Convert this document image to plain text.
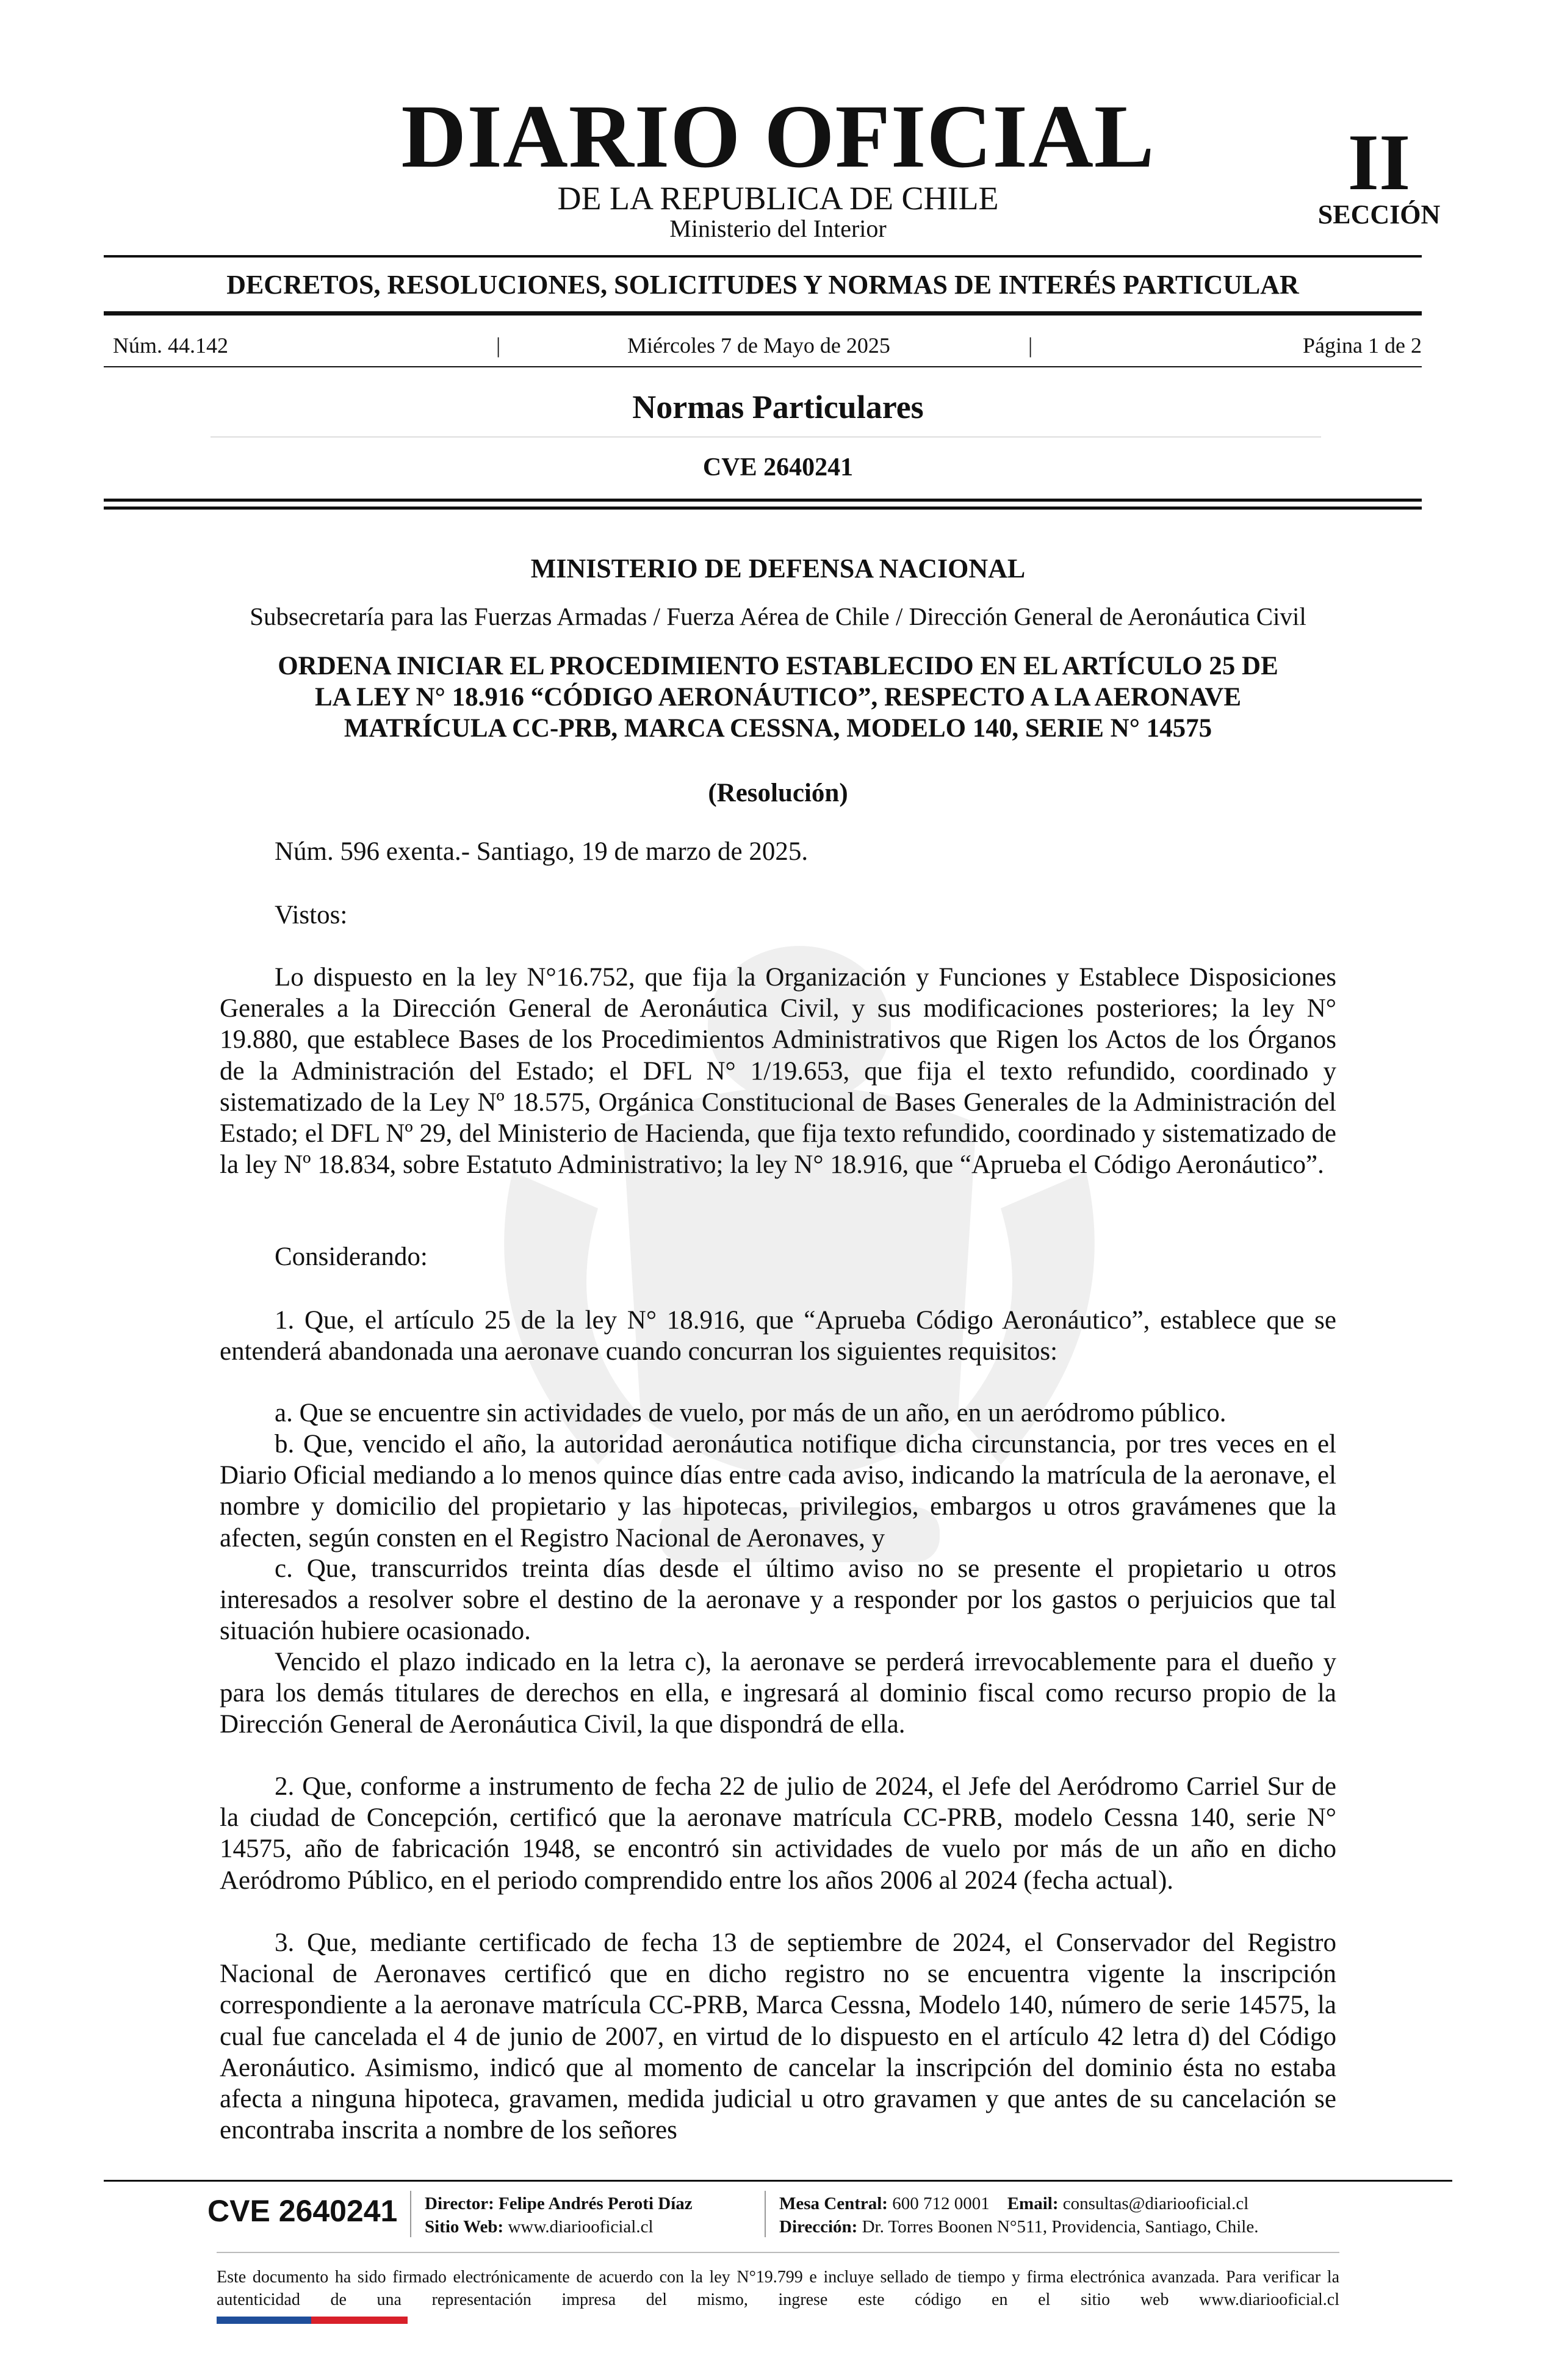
DIARIO OFICIAL
DE LA REPUBLICA DE CHILE
Ministerio del Interior
II
SECCIÓN
DECRETOS, RESOLUCIONES, SOLICITUDES Y NORMAS DE INTERÉS PARTICULAR
Núm. 44.142	|	Miércoles 7 de Mayo de 2025	|	Página 1 de 2
Normas Particulares
CVE 2640241
MINISTERIO DE DEFENSA NACIONAL
Subsecretaría para las Fuerzas Armadas / Fuerza Aérea de Chile / Dirección General de Aeronáutica Civil
ORDENA INICIAR EL PROCEDIMIENTO ESTABLECIDO EN EL ARTÍCULO 25 DE
LA LEY N° 18.916 “CÓDIGO AERONÁUTICO”, RESPECTO A LA AERONAVE
MATRÍCULA CC-PRB, MARCA CESSNA, MODELO 140, SERIE N° 14575
(Resolución)
Núm. 596 exenta.- Santiago, 19 de marzo de 2025.
Vistos:
Lo dispuesto en la ley N°16.752, que fija la Organización y Funciones y Establece Disposiciones Generales a la Dirección General de Aeronáutica Civil, y sus modificaciones posteriores; la ley N° 19.880, que establece Bases de los Procedimientos Administrativos que Rigen los Actos de los Órganos de la Administración del Estado; el DFL N° 1/19.653, que fija el texto refundido, coordinado y sistematizado de la Ley Nº 18.575, Orgánica Constitucional de Bases Generales de la Administración del Estado; el DFL Nº 29, del Ministerio de Hacienda, que fija texto refundido, coordinado y sistematizado de la ley Nº 18.834, sobre Estatuto Administrativo; la ley N° 18.916, que “Aprueba el Código Aeronáutico”.
Considerando:
1. Que, el artículo 25 de la ley N° 18.916, que “Aprueba Código Aeronáutico”, establece que se entenderá abandonada una aeronave cuando concurran los siguientes requisitos:
a. Que se encuentre sin actividades de vuelo, por más de un año, en un aeródromo público.
b. Que, vencido el año, la autoridad aeronáutica notifique dicha circunstancia, por tres veces en el Diario Oficial mediando a lo menos quince días entre cada aviso, indicando la matrícula de la aeronave, el nombre y domicilio del propietario y las hipotecas, privilegios, embargos u otros gravámenes que la afecten, según consten en el Registro Nacional de Aeronaves, y
c. Que, transcurridos treinta días desde el último aviso no se presente el propietario u otros interesados a resolver sobre el destino de la aeronave y a responder por los gastos o perjuicios que tal situación hubiere ocasionado.
Vencido el plazo indicado en la letra c), la aeronave se perderá irrevocablemente para el dueño y para los demás titulares de derechos en ella, e ingresará al dominio fiscal como recurso propio de la Dirección General de Aeronáutica Civil, la que dispondrá de ella.
2. Que, conforme a instrumento de fecha 22 de julio de 2024, el Jefe del Aeródromo Carriel Sur de la ciudad de Concepción, certificó que la aeronave matrícula CC-PRB, modelo Cessna 140, serie N° 14575, año de fabricación 1948, se encontró sin actividades de vuelo por más de un año en dicho Aeródromo Público, en el periodo comprendido entre los años 2006 al 2024 (fecha actual).
3. Que, mediante certificado de fecha 13 de septiembre de 2024, el Conservador del Registro Nacional de Aeronaves certificó que en dicho registro no se encuentra vigente la inscripción correspondiente a la aeronave matrícula CC-PRB, Marca Cessna, Modelo 140, número de serie 14575, la cual fue cancelada el 4 de junio de 2007, en virtud de lo dispuesto en el artículo 42 letra d) del Código Aeronáutico. Asimismo, indicó que al momento de cancelar la inscripción del dominio ésta no estaba afecta a ninguna hipoteca, gravamen, medida judicial u otro gravamen y que antes de su cancelación se encontraba inscrita a nombre de los señores
CVE 2640241 Director: Felipe Andrés Peroti Díaz
Sitio Web: www.diariooficial.cl
Mesa Central: 600 712 0001 Email: consultas@diariooficial.cl
Dirección: Dr. Torres Boonen N°511, Providencia, Santiago, Chile.
Este documento ha sido firmado electrónicamente de acuerdo con la ley N°19.799 e incluye sellado de tiempo y firma electrónica avanzada. Para verificar la autenticidad de una representación impresa del mismo, ingrese este código en el sitio web www.diariooficial.cl
